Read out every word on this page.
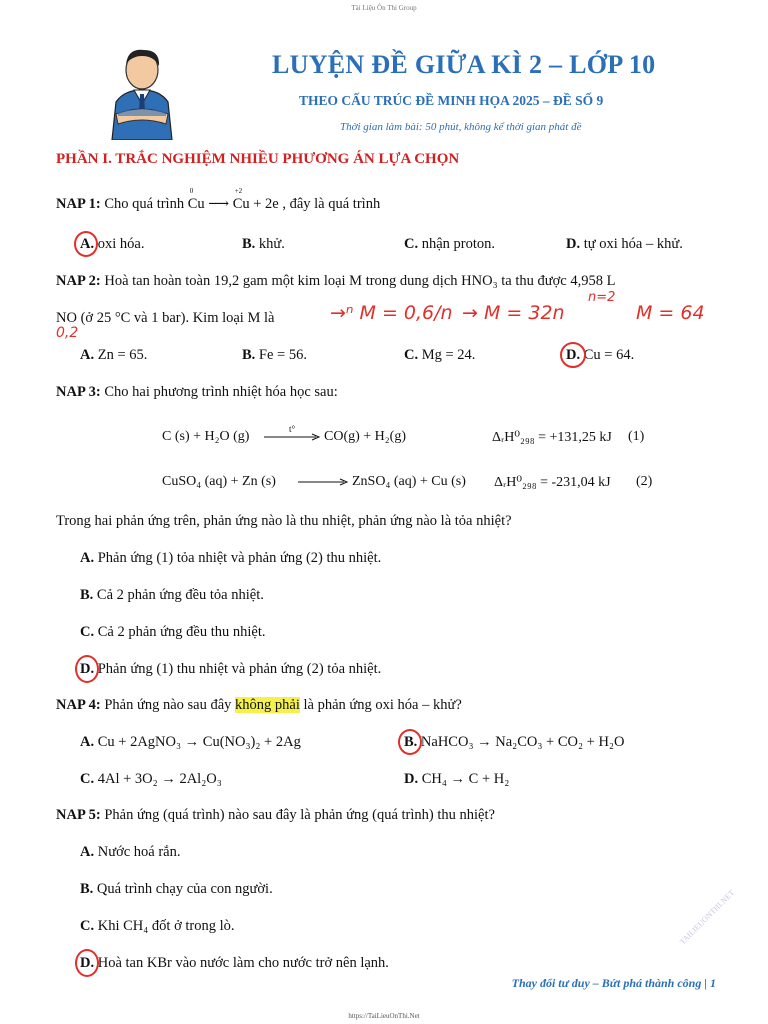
Tài Liệu Ôn Thi Group
LUYỆN ĐỀ GIỮA KÌ 2 – LỚP 10
THEO CẤU TRÚC ĐỀ MINH HỌA 2025 – ĐỀ SỐ 9
Thời gian làm bài: 50 phút, không kể thời gian phát đề
PHẦN I. TRẮC NGHIỆM NHIỀU PHƯƠNG ÁN LỰA CHỌN
NAP 1: Cho quá trình
0
Cu ⟶
+2
Cu + 2e , đây là quá trình
A. oxi hóa.	B. khử.	C. nhận proton.	D. tự oxi hóa – khử.
NAP 2: Hoà tan hoàn toàn 19,2 gam một kim loại M trong dung dịch HNO₃ ta thu được 4,958 L
NO (ở 25 °C và 1 bar). Kim loại M là
0,2
→ⁿ M = 0,6/n → M = 32n
n=2
M = 64
A. Zn = 65.	B. Fe = 56.	C. Mg = 24.	D. Cu = 64.
NAP 3: Cho hai phương trình nhiệt hóa học sau:
C (s) + H₂O (g)	t°	CO(g) + H₂(g)	ΔᵣH⁰₂₉₈ = +131,25 kJ (1)
CuSO₄ (aq) + Zn (s)	ZnSO₄ (aq) + Cu (s) ΔᵣH⁰₂₉₈ = -231,04 kJ (2)
Trong hai phản ứng trên, phản ứng nào là thu nhiệt, phản ứng nào là tỏa nhiệt?
A. Phản ứng (1) tỏa nhiệt và phản ứng (2) thu nhiệt.
B. Cả 2 phản ứng đều tỏa nhiệt.
C. Cả 2 phản ứng đều thu nhiệt.
D. Phản ứng (1) thu nhiệt và phản ứng (2) tỏa nhiệt.
NAP 4: Phản ứng nào sau đây không phải là phản ứng oxi hóa – khử?
A. Cu + 2AgNO₃ → Cu(NO₃)₂ + 2Ag	B. NaHCO₃ → Na₂CO₃ + CO₂ + H₂O
C. 4Al + 3O₂ → 2Al₂O₃	D. CH₄ → C + H₂
NAP 5: Phản ứng (quá trình) nào sau đây là phản ứng (quá trình) thu nhiệt?
A. Nước hoá rắn.
B. Quá trình chạy của con người.
C. Khi CH₄ đốt ở trong lò.
D. Hoà tan KBr vào nước làm cho nước trở nên lạnh.
TAILIEUONTHI.NET
Thay đổi tư duy – Bứt phá thành công | 1
https://TaiLieuOnThi.Net
